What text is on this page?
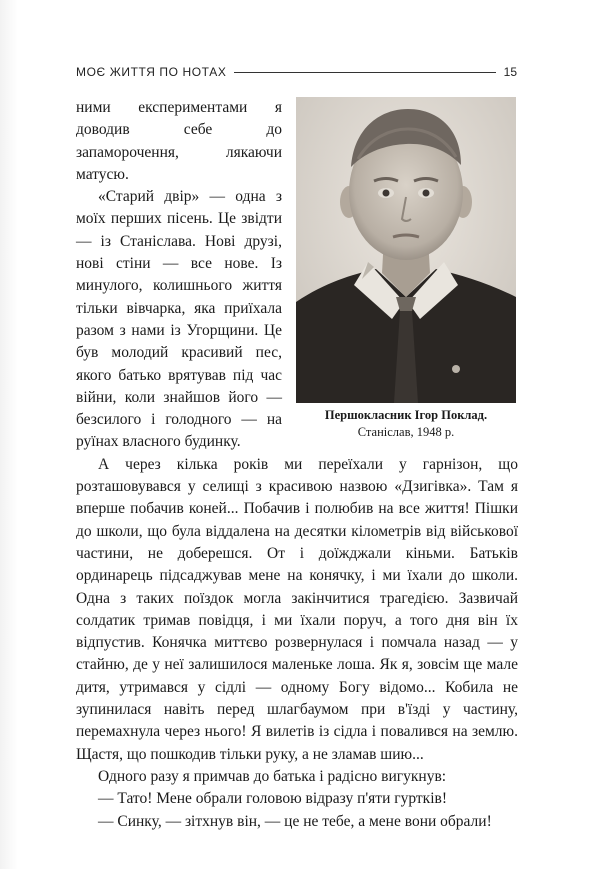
МОЄ ЖИТТЯ ПО НОТАХ	15
Першокласник Ігор Поклад.
Станіслав, 1948 р.

ними експериментами я доводив себе до запаморочення, лякаючи матусю.

«Старий двір» — одна з моїх перших пісень. Це звідти — із Станіслава. Нові друзі, нові стіни — все нове. Із минулого, колишнього життя тільки вівчарка, яка приїхала разом з нами із Угорщини. Це був молодий красивий пес, якого батько врятував під час війни, коли знайшов його — безсилого і голодного — на руїнах власного будинку.

А через кілька років ми переїхали у гарнізон, що розташовувався у селищі з красивою назвою «Дзигівка». Там я вперше побачив коней... Побачив і полюбив на все життя! Пішки до школи, що була віддалена на десятки кілометрів від військової частини, не доберешся. От і доїжджали кіньми. Батьків ординарець підсаджував мене на конячку, і ми їхали до школи. Одна з таких поїздок могла закінчитися трагедією. Зазвичай солдатик тримав повідця, і ми їхали поруч, а того дня він їх відпустив. Конячка миттєво розвернулася і помчала назад — у стайню, де у неї залишилося маленьке лоша. Як я, зовсім ще мале дитя, утримався у сідлі — одному Богу відомо... Кобила не зупинилася навіть перед шлагбаумом при в'їзді у частину, перемахнула через нього! Я вилетів із сідла і повалився на землю. Щастя, що пошкодив тільки руку, а не зламав шию...

Одного разу я примчав до батька і радісно вигукнув:

— Тато! Мене обрали головою відразу п'яти гуртків!

— Синку, — зітхнув він, — це не тебе, а мене вони обрали!
